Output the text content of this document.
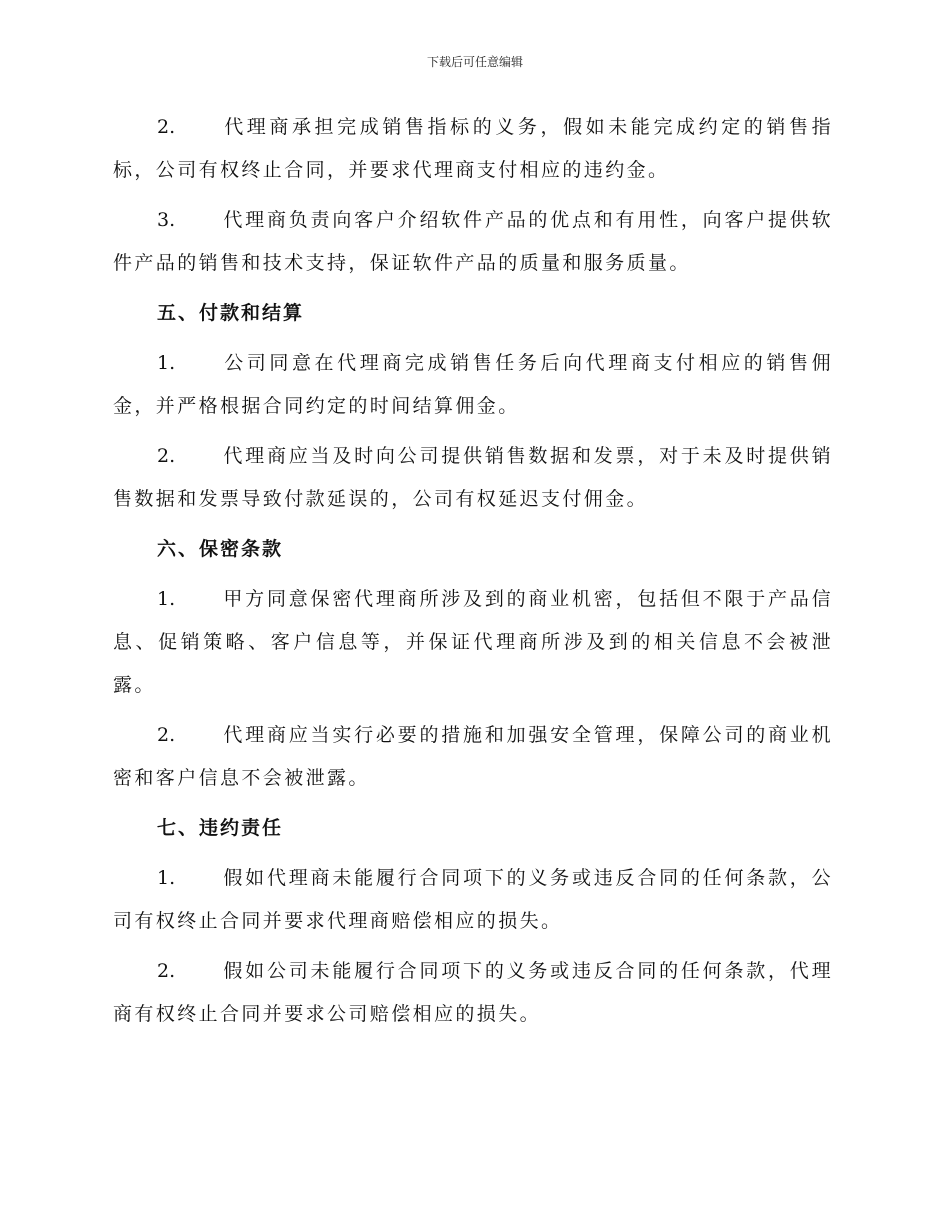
下载后可任意编辑

2.	代理商承担完成销售指标的义务，假如未能完成约定的销售指标，公司有权终止合同，并要求代理商支付相应的违约金。

3.	代理商负责向客户介绍软件产品的优点和有用性，向客户提供软件产品的销售和技术支持，保证软件产品的质量和服务质量。

五、付款和结算

1.	公司同意在代理商完成销售任务后向代理商支付相应的销售佣金，并严格根据合同约定的时间结算佣金。

2.	代理商应当及时向公司提供销售数据和发票，对于未及时提供销售数据和发票导致付款延误的，公司有权延迟支付佣金。

六、保密条款

1.	甲方同意保密代理商所涉及到的商业机密，包括但不限于产品信息、促销策略、客户信息等，并保证代理商所涉及到的相关信息不会被泄露。

2.	代理商应当实行必要的措施和加强安全管理，保障公司的商业机密和客户信息不会被泄露。

七、违约责任

1.	假如代理商未能履行合同项下的义务或违反合同的任何条款，公司有权终止合同并要求代理商赔偿相应的损失。

2.	假如公司未能履行合同项下的义务或违反合同的任何条款，代理商有权终止合同并要求公司赔偿相应的损失。
